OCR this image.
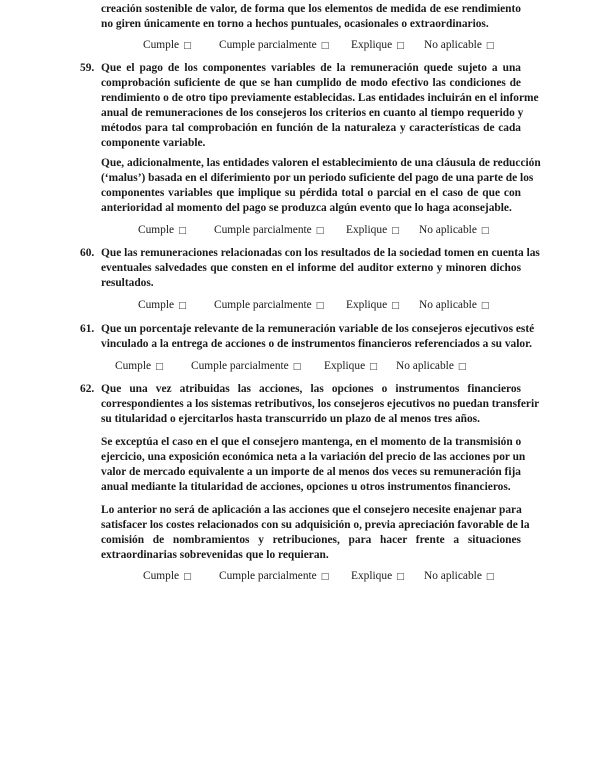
creación sostenible de valor, de forma que los elementos de medida de ese rendimiento
no giren únicamente en torno a hechos puntuales, ocasionales o extraordinarios.
Cumple □ Cumple parcialmente □ Explique □ No aplicable □
59. Que el pago de los componentes variables de la remuneración quede sujeto a una
comprobación suficiente de que se han cumplido de modo efectivo las condiciones de
rendimiento o de otro tipo previamente establecidas. Las entidades incluirán en el informe
anual de remuneraciones de los consejeros los criterios en cuanto al tiempo requerido y
métodos para tal comprobación en función de la naturaleza y características de cada
componente variable.
Que, adicionalmente, las entidades valoren el establecimiento de una cláusula de reducción
(‘malus’) basada en el diferimiento por un periodo suficiente del pago de una parte de los
componentes variables que implique su pérdida total o parcial en el caso de que con
anterioridad al momento del pago se produzca algún evento que lo haga aconsejable.
Cumple □ Cumple parcialmente □ Explique □ No aplicable □
60. Que las remuneraciones relacionadas con los resultados de la sociedad tomen en cuenta las
eventuales salvedades que consten en el informe del auditor externo y minoren dichos
resultados.
Cumple □ Cumple parcialmente □ Explique □ No aplicable □
61. Que un porcentaje relevante de la remuneración variable de los consejeros ejecutivos esté
vinculado a la entrega de acciones o de instrumentos financieros referenciados a su valor.
Cumple □ Cumple parcialmente □ Explique □ No aplicable □
62. Que una vez atribuidas las acciones, las opciones o instrumentos financieros
correspondientes a los sistemas retributivos, los consejeros ejecutivos no puedan transferir
su titularidad o ejercitarlos hasta transcurrido un plazo de al menos tres años.
Se exceptúa el caso en el que el consejero mantenga, en el momento de la transmisión o
ejercicio, una exposición económica neta a la variación del precio de las acciones por un
valor de mercado equivalente a un importe de al menos dos veces su remuneración fija
anual mediante la titularidad de acciones, opciones u otros instrumentos financieros.
Lo anterior no será de aplicación a las acciones que el consejero necesite enajenar para
satisfacer los costes relacionados con su adquisición o, previa apreciación favorable de la
comisión de nombramientos y retribuciones, para hacer frente a situaciones
extraordinarias sobrevenidas que lo requieran.
Cumple □ Cumple parcialmente □ Explique □ No aplicable □
